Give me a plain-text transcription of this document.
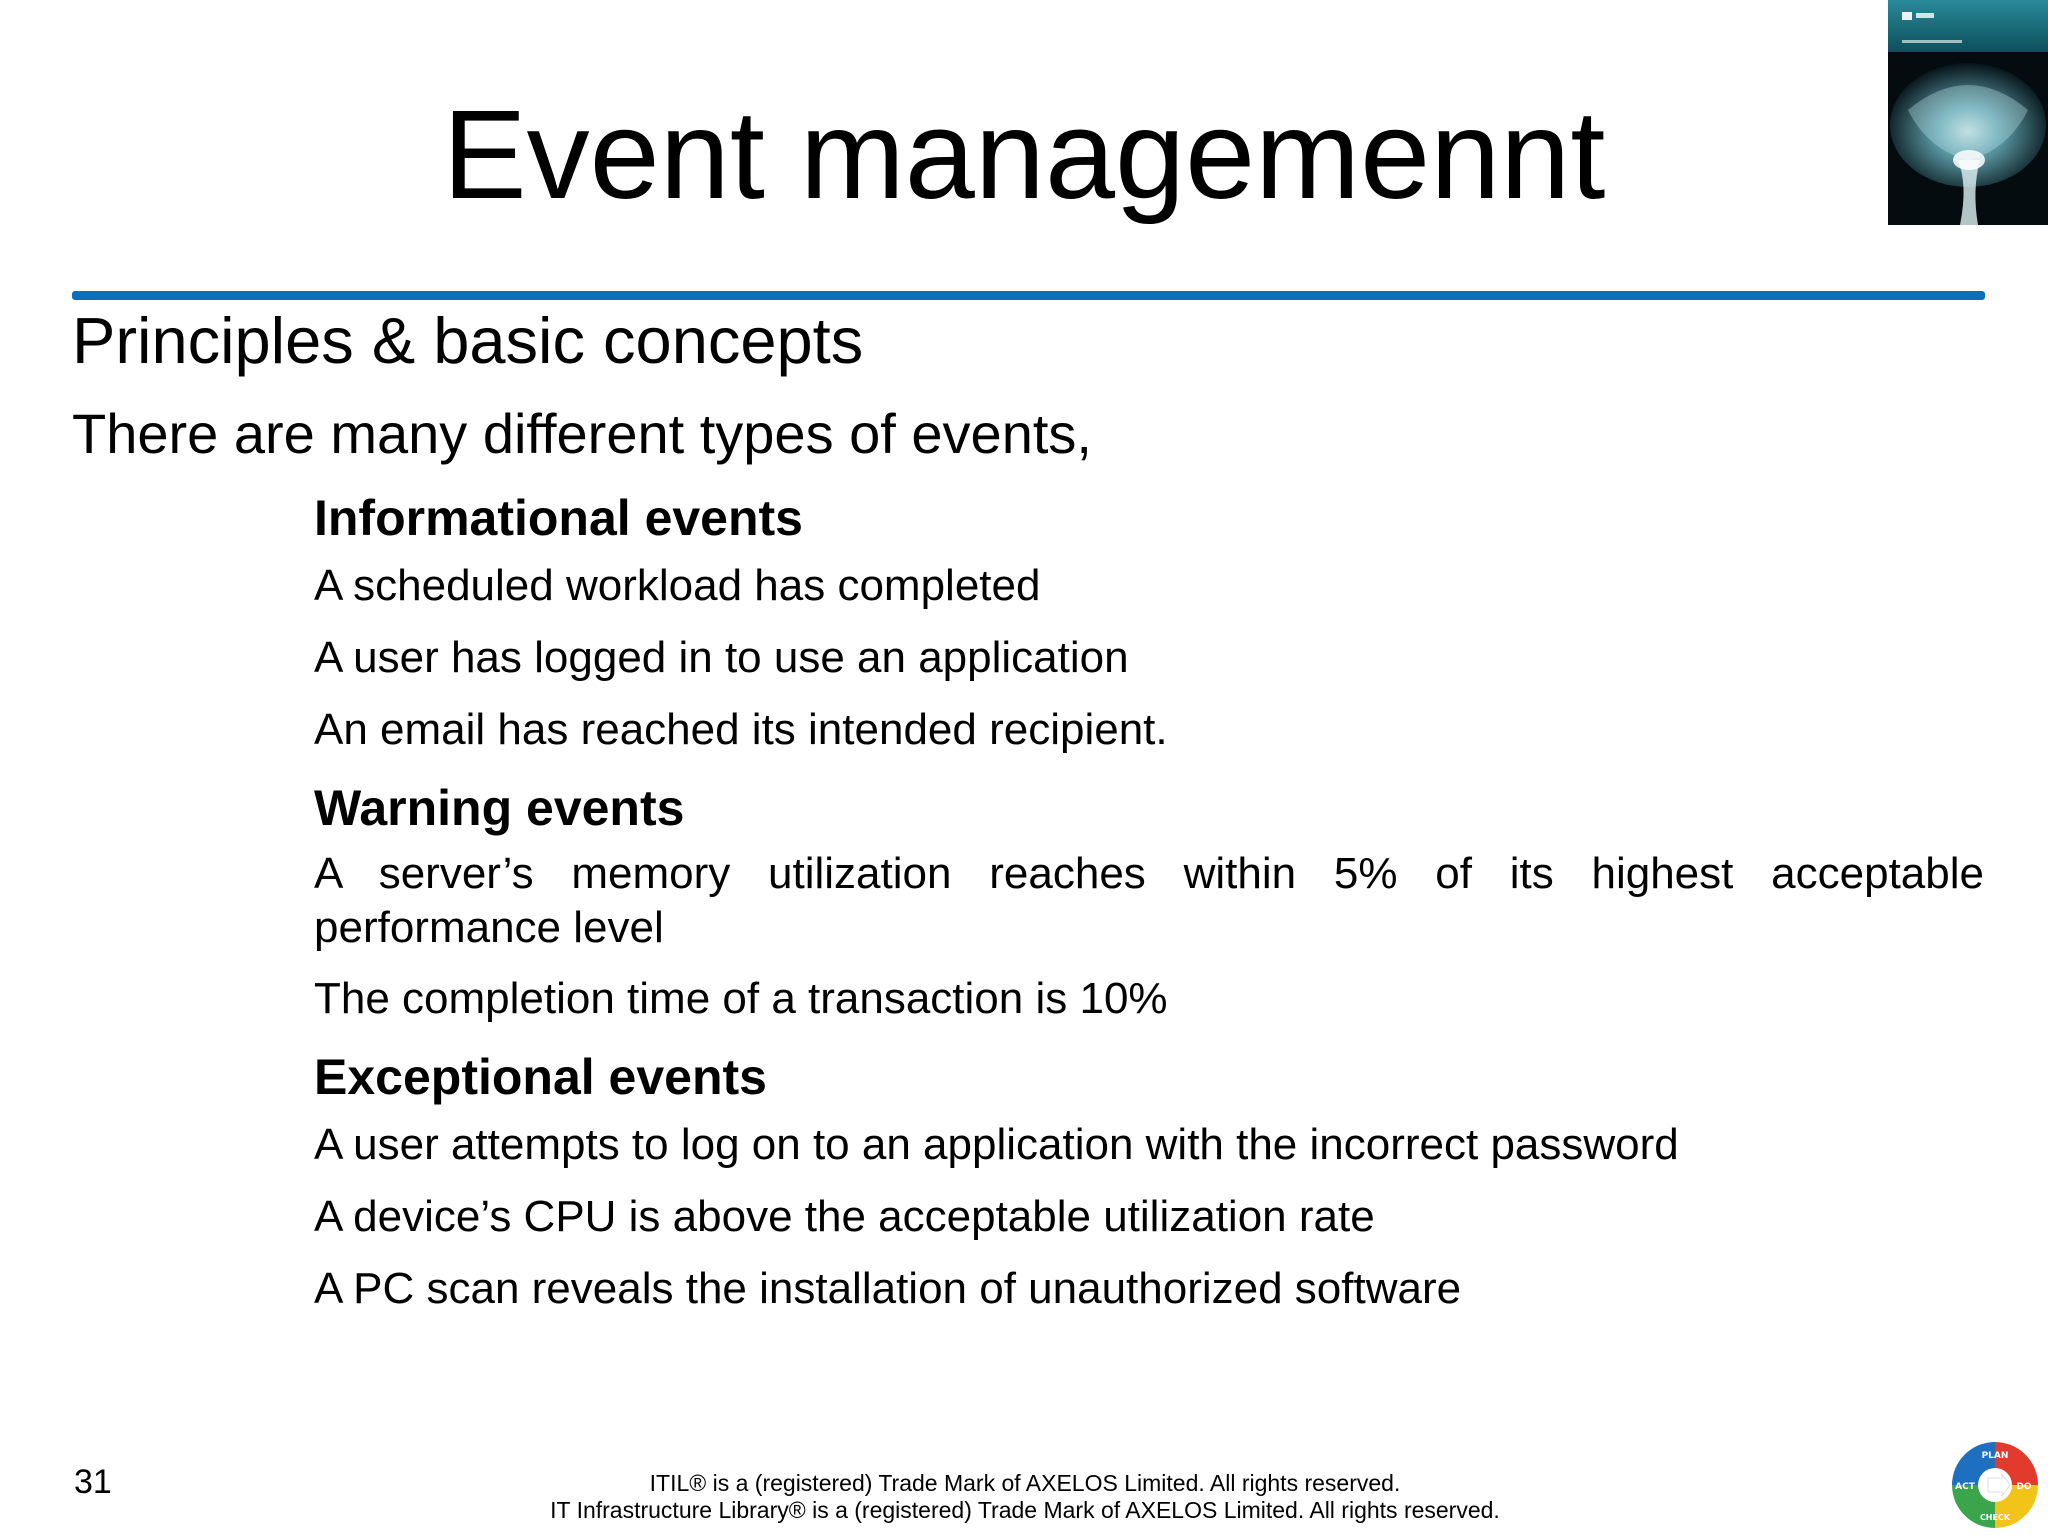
Event managemennt
Principles & basic concepts
There are many different types of events,
Informational events
A scheduled workload has completed
A user has logged in to use an application
An email has reached its intended recipient.
Warning events
A server’s memory utilization reaches within 5% of its highest acceptable performance level
The completion time of a transaction is 10%
Exceptional events
A user attempts to log on to an application with the incorrect password
A device’s CPU is above the acceptable utilization rate
A PC scan reveals the installation of unauthorized software
31	ITIL® is a (registered) Trade Mark of AXELOS Limited. All rights reserved.
IT Infrastructure Library® is a (registered) Trade Mark of AXELOS Limited. All rights reserved.
PLAN
DO
CHECK
ACT
